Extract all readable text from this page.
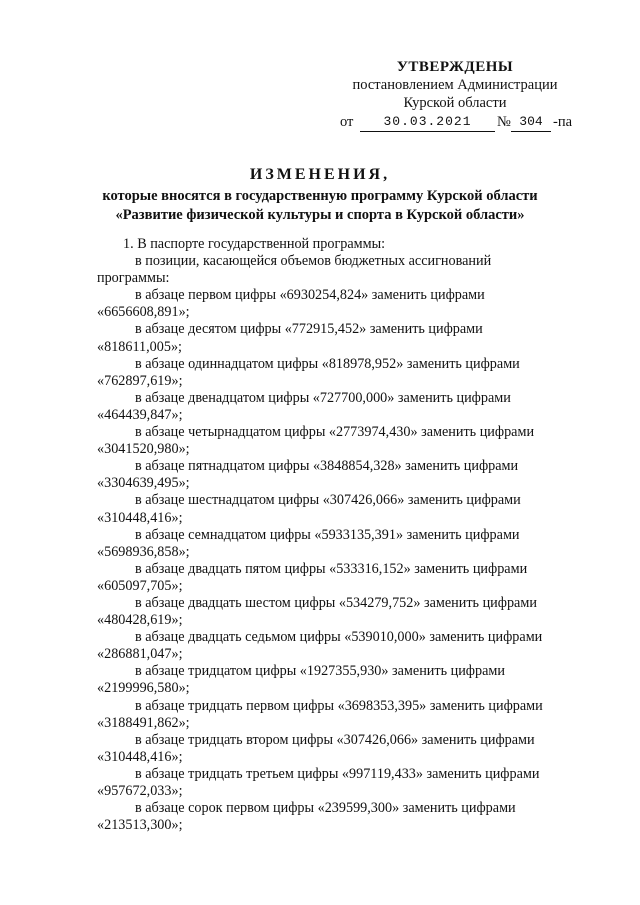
УТВЕРЖДЕНЫ
постановлением Администрации
Курской области
от	30.03.2021	№ 304 -па
ИЗМЕНЕНИЯ,
которые вносятся в государственную программу Курской области
«Развитие физической культуры и спорта в Курской области»

1. В паспорте государственной программы:

в позиции, касающейся объемов бюджетных ассигнований
программы:

в абзаце первом цифры «6930254,824» заменить цифрами
«6656608,891»;

в абзаце десятом цифры «772915,452» заменить цифрами
«818611,005»;

в абзаце одиннадцатом цифры «818978,952» заменить цифрами
«762897,619»;

в абзаце двенадцатом цифры «727700,000» заменить цифрами
«464439,847»;

в абзаце четырнадцатом цифры «2773974,430» заменить цифрами
«3041520,980»;

в абзаце пятнадцатом цифры «3848854,328» заменить цифрами
«3304639,495»;

в абзаце шестнадцатом цифры «307426,066» заменить цифрами
«310448,416»;

в абзаце семнадцатом цифры «5933135,391» заменить цифрами
«5698936,858»;

в абзаце двадцать пятом цифры «533316,152» заменить цифрами
«605097,705»;

в абзаце двадцать шестом цифры «534279,752» заменить цифрами
«480428,619»;

в абзаце двадцать седьмом цифры «539010,000» заменить цифрами
«286881,047»;

в абзаце тридцатом цифры «1927355,930» заменить цифрами
«2199996,580»;

в абзаце тридцать первом цифры «3698353,395» заменить цифрами
«3188491,862»;

в абзаце тридцать втором цифры «307426,066» заменить цифрами
«310448,416»;

в абзаце тридцать третьем цифры «997119,433» заменить цифрами
«957672,033»;

в абзаце сорок первом цифры «239599,300» заменить цифрами
«213513,300»;
